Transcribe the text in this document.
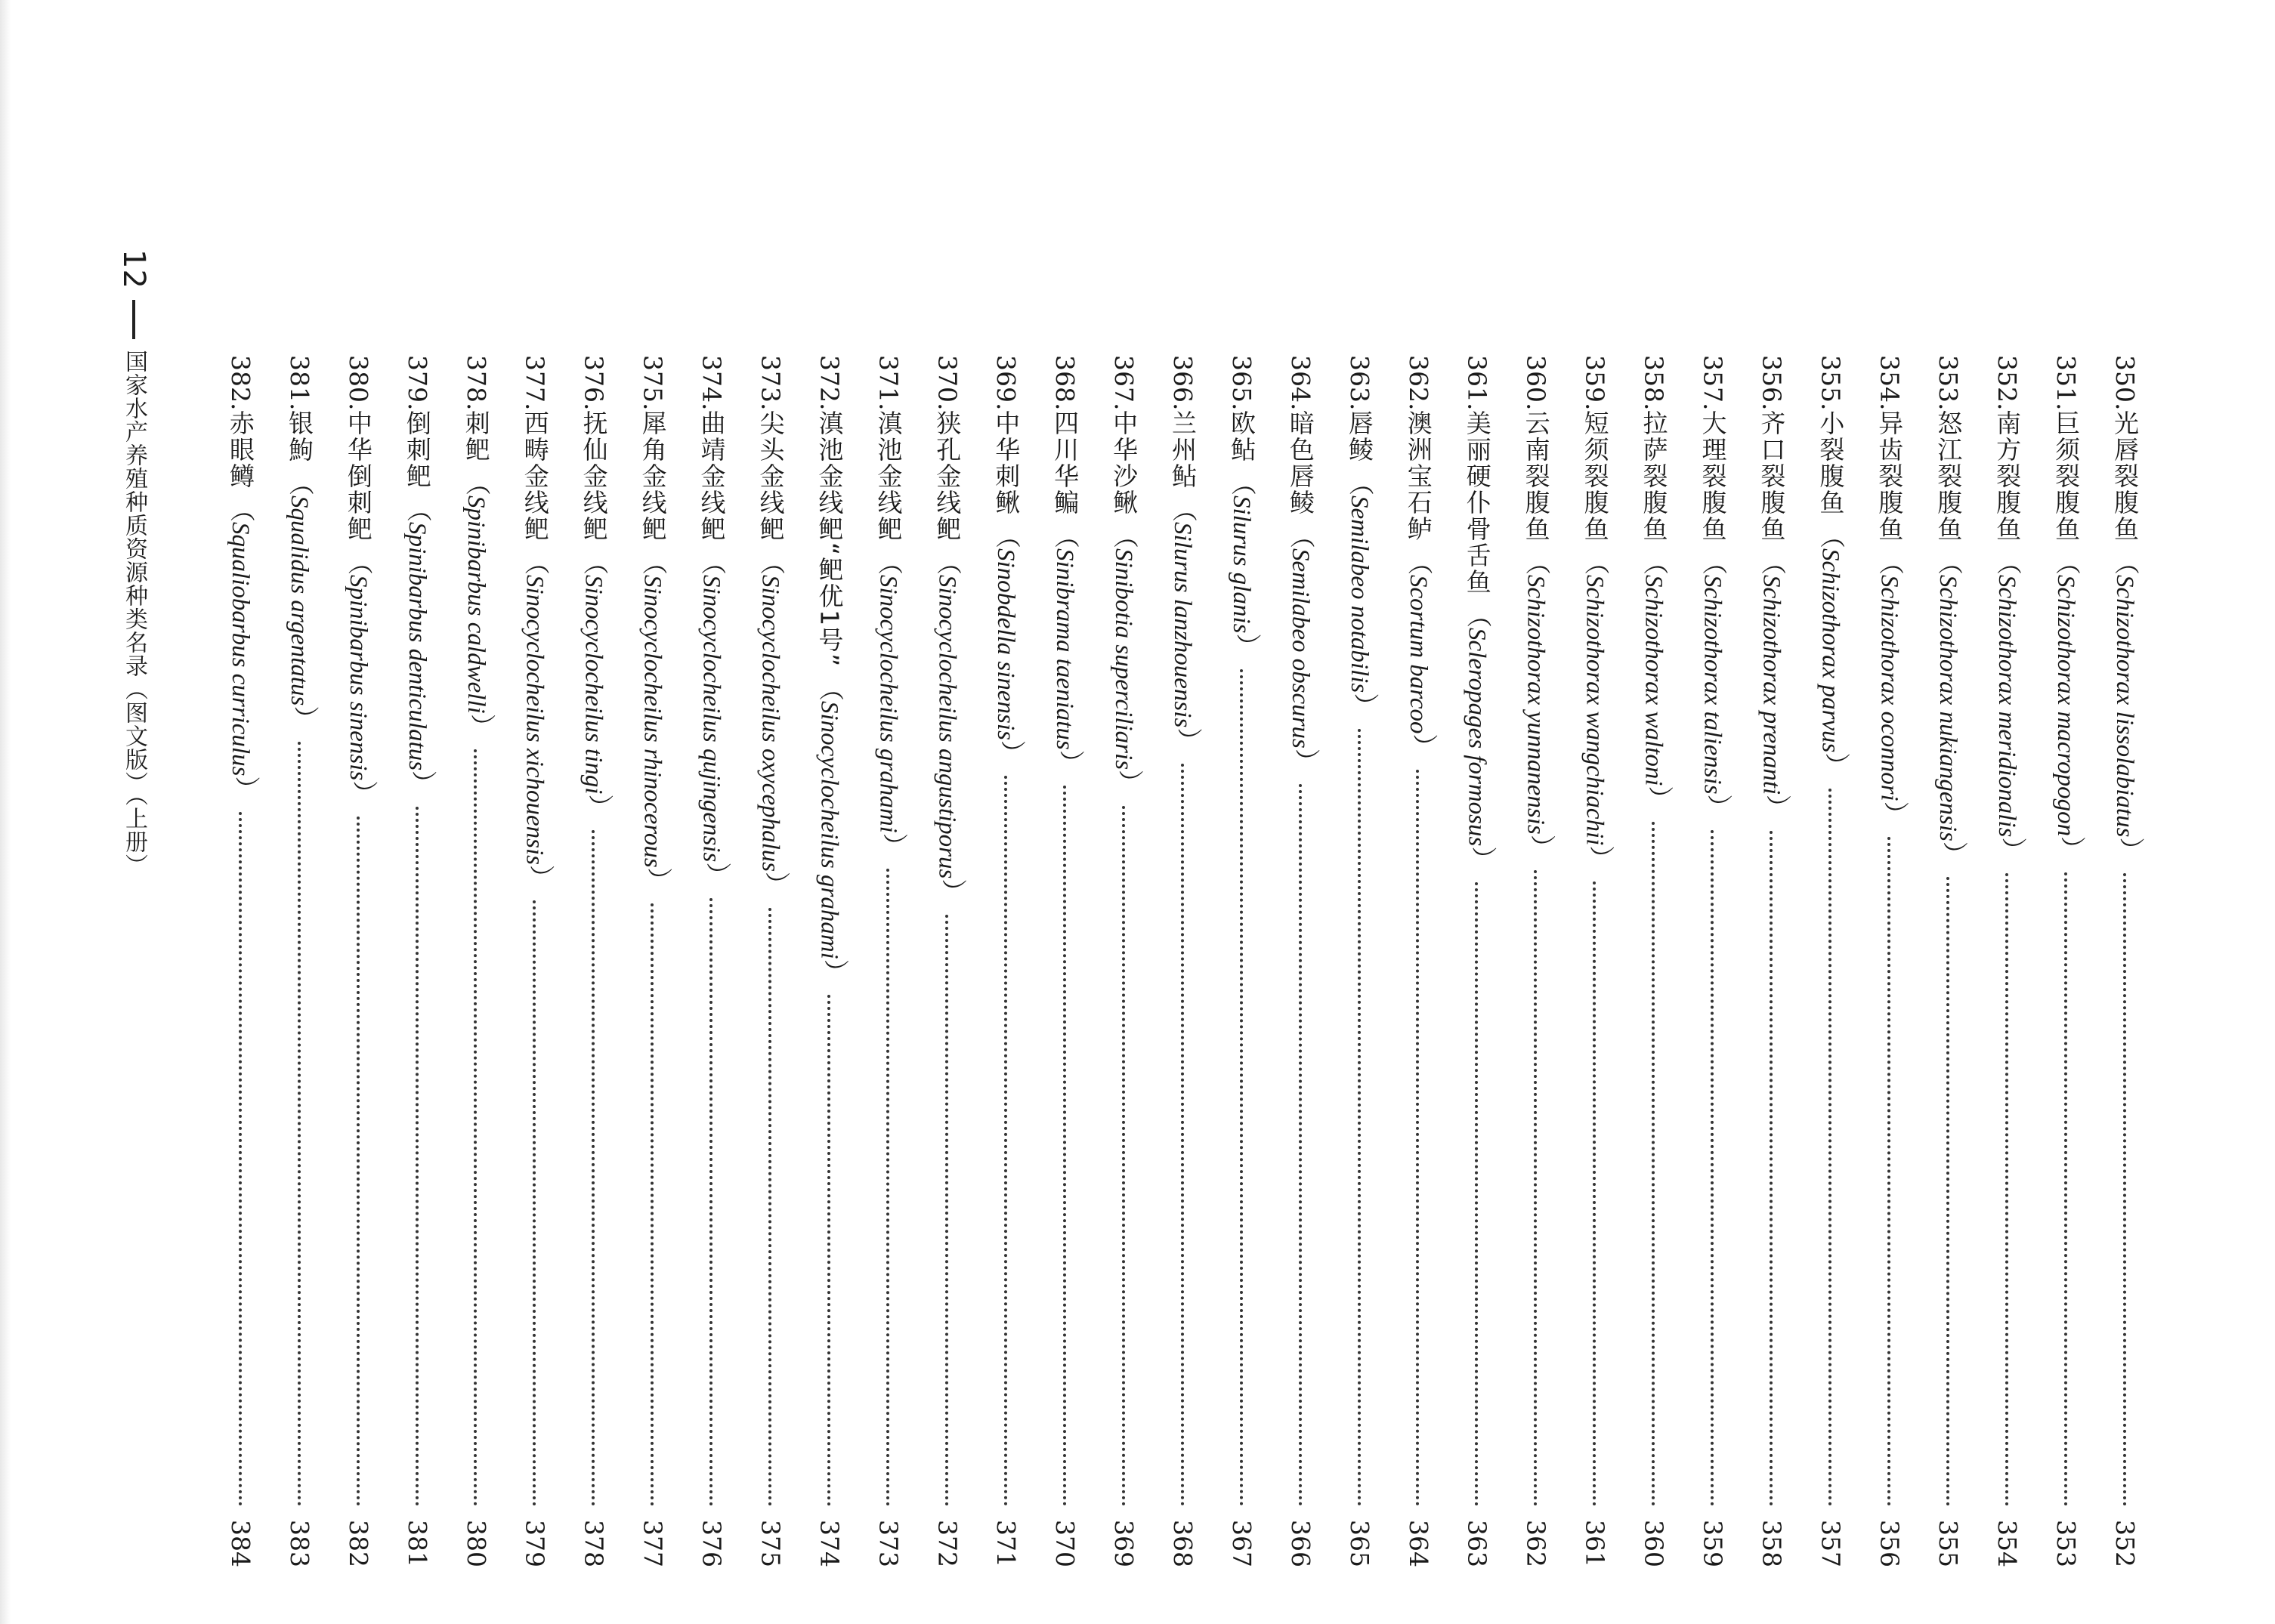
12
国家水产养殖种质资源种类名录（图文版）（上册）	350.
光唇裂腹鱼
（Schizothorax lissolabiatus）
352
351.
巨须裂腹鱼
（Schizothorax macropogon）
353
352.
南方裂腹鱼
（Schizothorax meridionalis）
354
353.
怒江裂腹鱼
（Schizothorax nukiangensis）
355
354.
异齿裂腹鱼
（Schizothorax oconnori）
356
355.
小裂腹鱼
（Schizothorax parvus）
357
356.
齐口裂腹鱼
（Schizothorax prenanti）
358
357.
大理裂腹鱼
（Schizothorax taliensis）
359
358.
拉萨裂腹鱼
（Schizothorax waltoni）
360
359.
短须裂腹鱼
（Schizothorax wangchiachii）
361
360.
云南裂腹鱼
（Schizothorax yunnanensis）
362
361.
美丽硬仆骨舌鱼
（Scleropages formosus）
363
362.
澳洲宝石鲈
（Scortum barcoo）
364
363.
唇鲮
（Semilabeo notabilis）
365
364.
暗色唇鲮
（Semilabeo obscurus）
366
365.
欧鲇
（Silurus glanis）
367
366.
兰州鲇
（Silurus lanzhouensis）
368
367.
中华沙鳅
（Sinibotia superciliaris）
369
368.
四川华鳊
（Sinibrama taeniatus）
370
369.
中华刺鳅
（Sinobdella sinensis）
371
370.
狭孔金线鲃
（Sinocyclocheilus angustiporus）
372
371.
滇池金线鲃
（Sinocyclocheilus grahami）
373
372.
滇池金线鲃“鲃优1号”
（Sinocyclocheilus grahami）
374
373.
尖头金线鲃
（Sinocyclocheilus oxycephalus）
375
374.
曲靖金线鲃
（Sinocyclocheilus qujingensis）
376
375.
犀角金线鲃
（Sinocyclocheilus rhinocerous）
377
376.
抚仙金线鲃
（Sinocyclocheilus tingi）
378
377.
西畴金线鲃
（Sinocyclocheilus xichouensis）
379
378.
刺鲃
（Spinibarbus caldwelli）
380
379.
倒刺鲃
（Spinibarbus denticulatus）
381
380.
中华倒刺鲃
（Spinibarbus sinensis）
382
381.
银鮈
（Squalidus argentatus）
383
382.
赤眼鳟
（Squaliobarbus curriculus）
384
